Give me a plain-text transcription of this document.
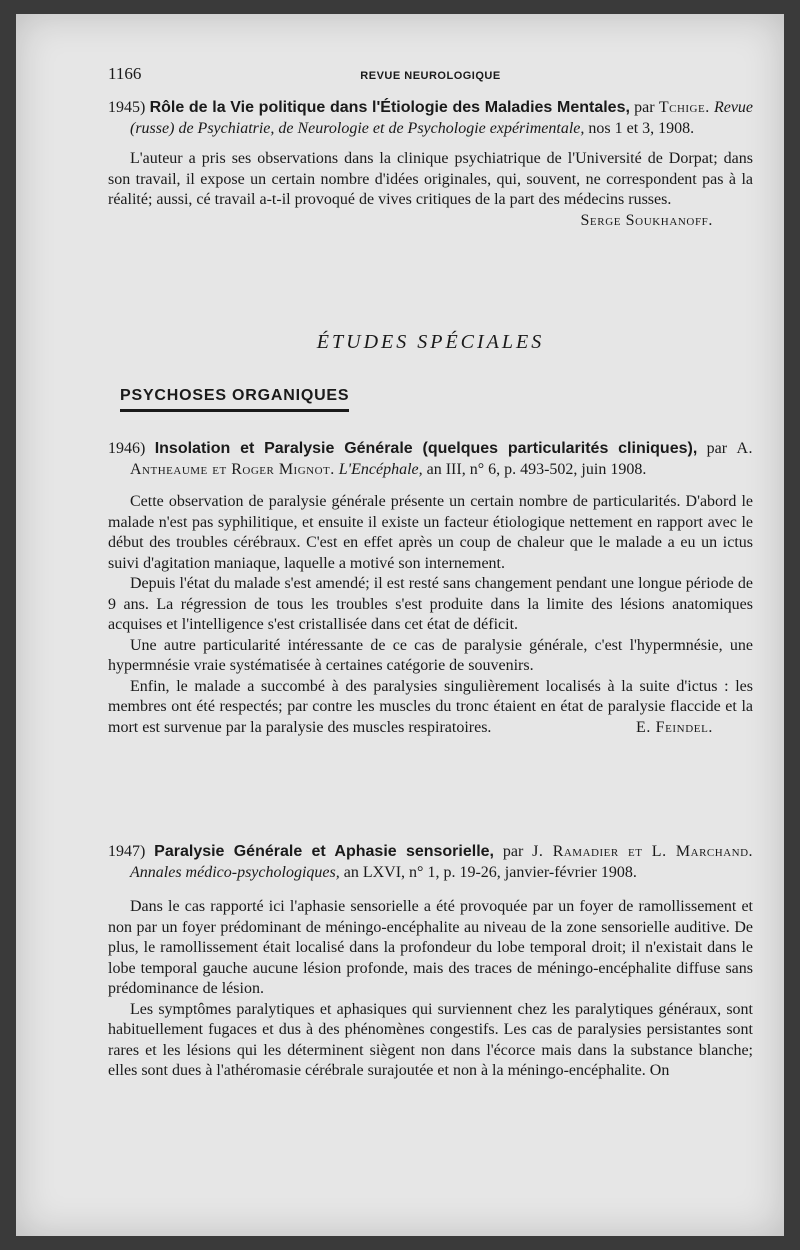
1166	REVUE NEUROLOGIQUE

1945) Rôle de la Vie politique dans l'Étiologie des Maladies Mentales, par Tchige. Revue (russe) de Psychiatrie, de Neurologie et de Psychologie expérimentale, nos 1 et 3, 1908.

L'auteur a pris ses observations dans la clinique psychiatrique de l'Université de Dorpat; dans son travail, il expose un certain nombre d'idées originales, qui, souvent, ne correspondent pas à la réalité; aussi, cé travail a-t-il provoqué de vives critiques de la part des médecins russes.

Serge Soukhanoff.

ÉTUDES SPÉCIALES

PSYCHOSES ORGANIQUES

1946) Insolation et Paralysie Générale (quelques particularités cliniques), par A. Antheaume et Roger Mignot. L'Encéphale, an III, n° 6, p. 493-502, juin 1908.

Cette observation de paralysie générale présente un certain nombre de particularités. D'abord le malade n'est pas syphilitique, et ensuite il existe un facteur étiologique nettement en rapport avec le début des troubles cérébraux. C'est en effet après un coup de chaleur que le malade a eu un ictus suivi d'agitation maniaque, laquelle a motivé son internement.

Depuis l'état du malade s'est amendé; il est resté sans changement pendant une longue période de 9 ans. La régression de tous les troubles s'est produite dans la limite des lésions anatomiques acquises et l'intelligence s'est cristallisée dans cet état de déficit.

Une autre particularité intéressante de ce cas de paralysie générale, c'est l'hypermnésie, une hypermnésie vraie systématisée à certaines catégorie de souvenirs.

Enfin, le malade a succombé à des paralysies singulièrement localisés à la suite d'ictus : les membres ont été respectés; par contre les muscles du tronc étaient en état de paralysie flaccide et la mort est survenue par la paralysie des muscles respiratoires.	E. Feindel.

1947) Paralysie Générale et Aphasie sensorielle, par J. Ramadier et L. Marchand. Annales médico-psychologiques, an LXVI, n° 1, p. 19-26, janvier-février 1908.

Dans le cas rapporté ici l'aphasie sensorielle a été provoquée par un foyer de ramollissement et non par un foyer prédominant de méningo-encéphalite au niveau de la zone sensorielle auditive. De plus, le ramollissement était localisé dans la profondeur du lobe temporal droit; il n'existait dans le lobe temporal gauche aucune lésion profonde, mais des traces de méningo-encéphalite diffuse sans prédominance de lésion.

Les symptômes paralytiques et aphasiques qui surviennent chez les paralytiques généraux, sont habituellement fugaces et dus à des phénomènes congestifs. Les cas de paralysies persistantes sont rares et les lésions qui les déterminent siègent non dans l'écorce mais dans la substance blanche; elles sont dues à l'athéromasie cérébrale surajoutée et non à la méningo-encéphalite. On
